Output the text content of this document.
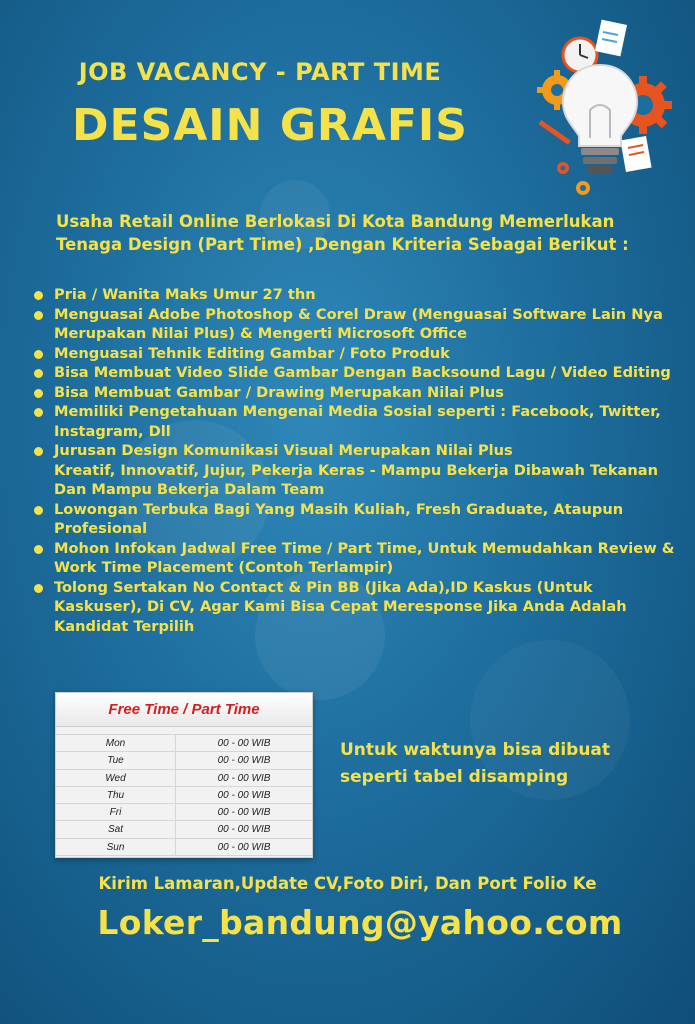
JOB VACANCY - PART TIME
DESAIN GRAFIS
Usaha Retail Online Berlokasi Di Kota Bandung Memerlukan Tenaga Design (Part Time) ,Dengan Kriteria Sebagai Berikut :
Pria / Wanita Maks Umur 27 thn
Menguasai Adobe Photoshop & Corel Draw (Menguasai Software Lain Nya Merupakan Nilai Plus) & Mengerti Microsoft Office
Menguasai Tehnik Editing Gambar / Foto Produk
Bisa Membuat Video Slide Gambar Dengan Backsound Lagu / Video Editing
Bisa Membuat Gambar / Drawing Merupakan Nilai Plus
Memiliki Pengetahuan Mengenai Media Sosial seperti : Facebook, Twitter, Instagram, Dll
Jurusan Design Komunikasi Visual Merupakan Nilai Plus
Kreatif, Innovatif, Jujur, Pekerja Keras - Mampu Bekerja Dibawah Tekanan Dan Mampu Bekerja Dalam Team
Lowongan Terbuka Bagi Yang Masih Kuliah, Fresh Graduate, Ataupun Profesional
Mohon Infokan Jadwal Free Time / Part Time, Untuk Memudahkan Review & Work Time Placement (Contoh Terlampir)
Tolong Sertakan No Contact & Pin BB (Jika Ada),ID Kaskus (Untuk Kaskuser), Di CV, Agar Kami Bisa Cepat Meresponse Jika Anda Adalah Kandidat Terpilih
Free Time / Part Time
Mon	00 - 00 WIB
Tue	00 - 00 WIB
Wed	00 - 00 WIB
Thu	00 - 00 WIB
Fri	00 - 00 WIB
Sat	00 - 00 WIB
Sun	00 - 00 WIB
Untuk waktunya bisa dibuat seperti tabel disamping
Kirim Lamaran,Update CV,Foto Diri, Dan Port Folio Ke
Loker_bandung@yahoo.com
